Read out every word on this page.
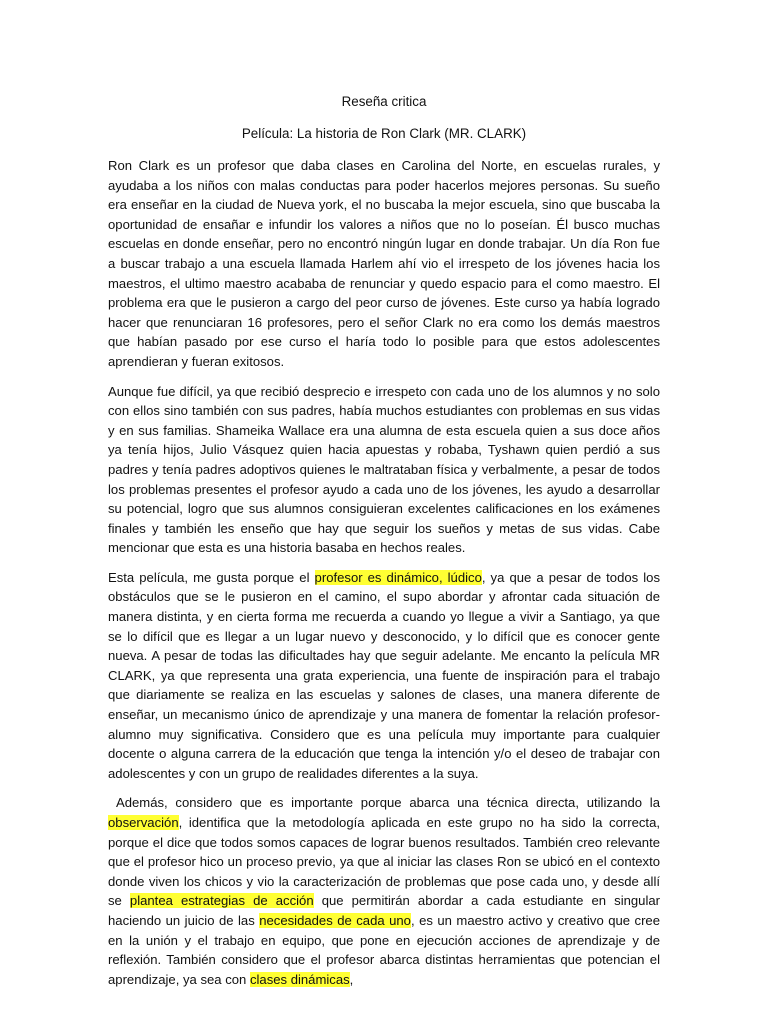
Reseña critica
Película: La historia de Ron Clark (MR. CLARK)

Ron Clark es un profesor que daba clases en Carolina del Norte, en escuelas rurales, y ayudaba a los niños con malas conductas para poder hacerlos mejores personas. Su sueño era enseñar en la ciudad de Nueva york, el no buscaba la mejor escuela, sino que buscaba la oportunidad de ensañar e infundir los valores a niños que no lo poseían. Él busco muchas escuelas en donde enseñar, pero no encontró ningún lugar en donde trabajar. Un día Ron fue a buscar trabajo a una escuela llamada Harlem ahí vio el irrespeto de los jóvenes hacia los maestros, el ultimo maestro acababa de renunciar y quedo espacio para el como maestro. El problema era que le pusieron a cargo del peor curso de jóvenes. Este curso ya había logrado hacer que renunciaran 16 profesores, pero el señor Clark no era como los demás maestros que habían pasado por ese curso el haría todo lo posible para que estos adolescentes aprendieran y fueran exitosos.

Aunque fue difícil, ya que recibió desprecio e irrespeto con cada uno de los alumnos y no solo con ellos sino también con sus padres, había muchos estudiantes con problemas en sus vidas y en sus familias. Shameika Wallace era una alumna de esta escuela quien a sus doce años ya tenía hijos, Julio Vásquez quien hacia apuestas y robaba, Tyshawn quien perdió a sus padres y tenía padres adoptivos quienes le maltrataban física y verbalmente, a pesar de todos los problemas presentes el profesor ayudo a cada uno de los jóvenes, les ayudo a desarrollar su potencial, logro que sus alumnos consiguieran excelentes calificaciones en los exámenes finales y también les enseño que hay que seguir los sueños y metas de sus vidas. Cabe mencionar que esta es una historia basaba en hechos reales.

Esta película, me gusta porque el profesor es dinámico, lúdico, ya que a pesar de todos los obstáculos que se le pusieron en el camino, el supo abordar y afrontar cada situación de manera distinta, y en cierta forma me recuerda a cuando yo llegue a vivir a Santiago, ya que se lo difícil que es llegar a un lugar nuevo y desconocido, y lo difícil que es conocer gente nueva. A pesar de todas las dificultades hay que seguir adelante. Me encanto la película MR CLARK, ya que representa una grata experiencia, una fuente de inspiración para el trabajo que diariamente se realiza en las escuelas y salones de clases, una manera diferente de enseñar, un mecanismo único de aprendizaje y una manera de fomentar la relación profesor-alumno muy significativa. Considero que es una película muy importante para cualquier docente o alguna carrera de la educación que tenga la intención y/o el deseo de trabajar con adolescentes y con un grupo de realidades diferentes a la suya.

Además, considero que es importante porque abarca una técnica directa, utilizando la observación, identifica que la metodología aplicada en este grupo no ha sido la correcta, porque el dice que todos somos capaces de lograr buenos resultados. También creo relevante que el profesor hico un proceso previo, ya que al iniciar las clases Ron se ubicó en el contexto donde viven los chicos y vio la caracterización de problemas que pose cada uno, y desde allí se plantea estrategias de acción que permitirán abordar a cada estudiante en singular haciendo un juicio de las necesidades de cada uno, es un maestro activo y creativo que cree en la unión y el trabajo en equipo, que pone en ejecución acciones de aprendizaje y de reflexión. También considero que el profesor abarca distintas herramientas que potencian el aprendizaje, ya sea con clases dinámicas,
